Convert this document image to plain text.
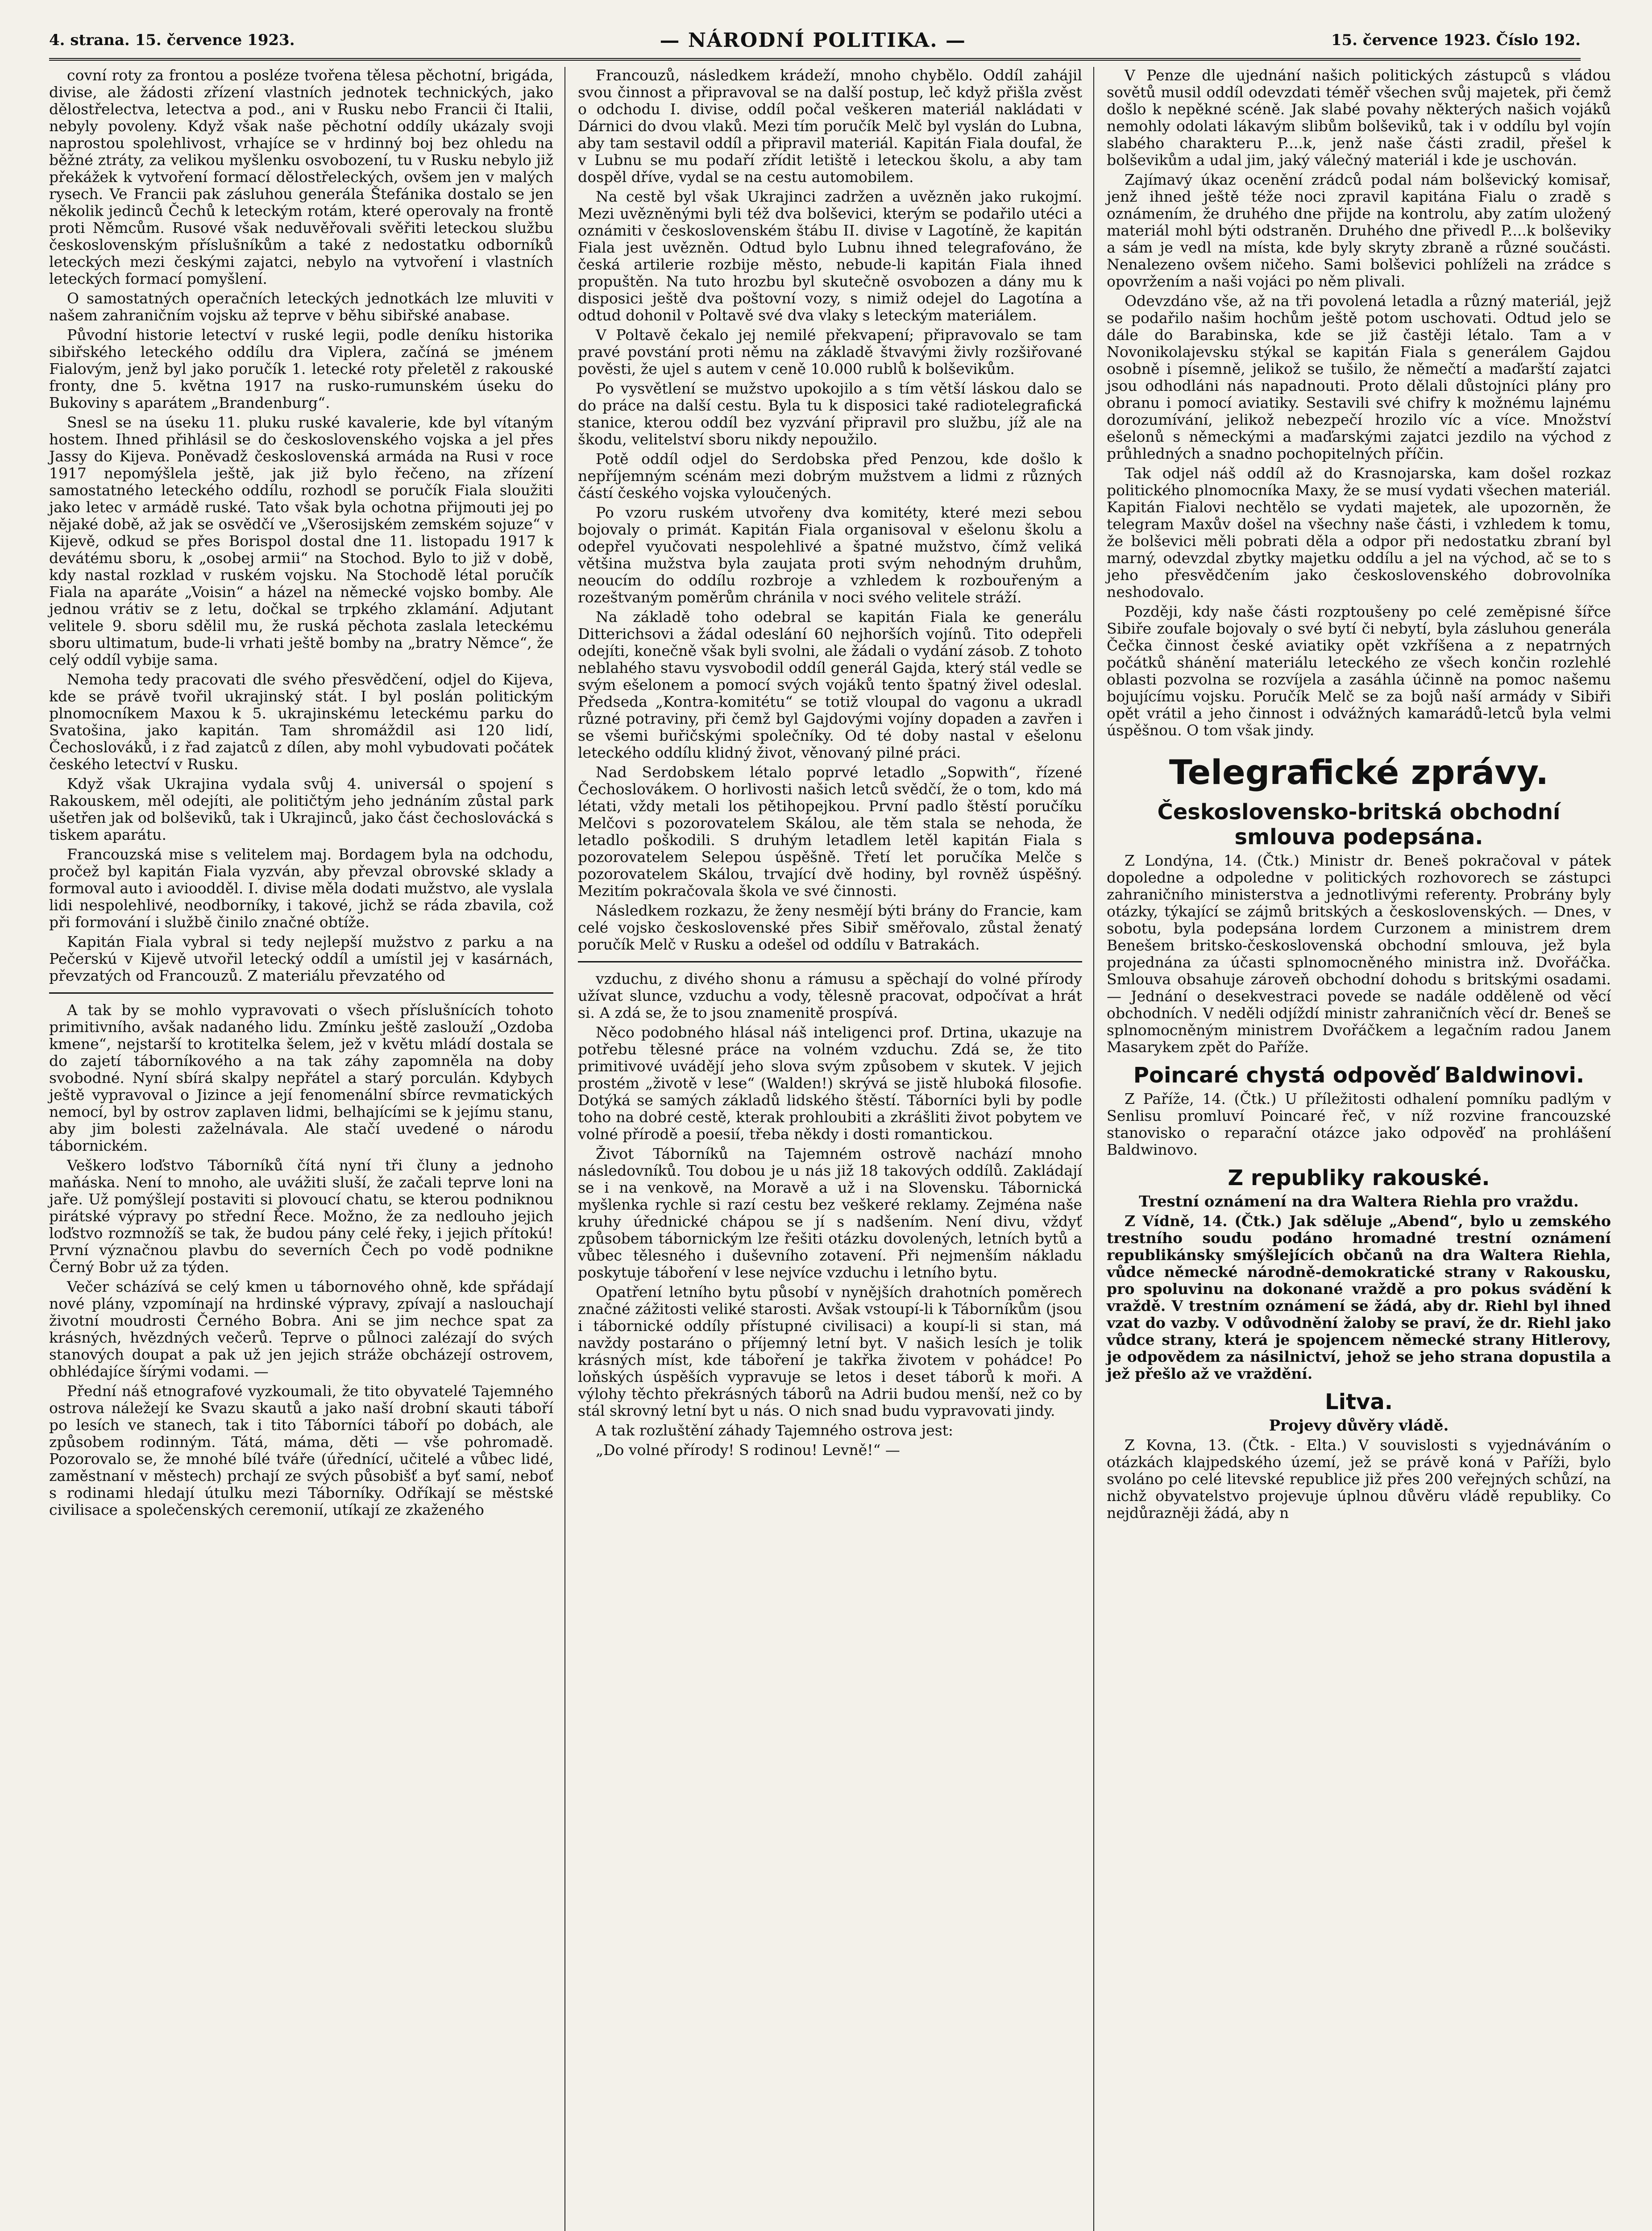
4. strana. 15. července 1923.	— NÁRODNÍ POLITIKA. —	15. července 1923. Číslo 192.

covní roty za frontou a posléze tvořena tělesa pěchotní, brigáda, divise, ale žádosti zřízení vlastních jednotek technických, jako dělostřelectva, letectva a pod., ani v Rusku nebo Francii či Italii, nebyly povoleny. Když však naše pěchotní oddíly ukázaly svoji naprostou spolehlivost, vrhajíce se v hrdinný boj bez ohledu na běžné ztráty, za velikou myšlenku osvobození, tu v Rusku nebylo již překážek k vytvoření formací dělostřeleckých, ovšem jen v malých rysech. Ve Francii pak zásluhou generála Štefánika dostalo se jen několik jedinců Čechů k leteckým rotám, které operovaly na frontě proti Němcům. Rusové však neduvěřovali svěřiti leteckou službu československým příslušníkům a také z nedostatku odborníků leteckých mezi českými zajatci, nebylo na vytvoření i vlastních leteckých formací pomyšlení.

O samostatných operačních leteckých jednotkách lze mluviti v našem zahraničním vojsku až teprve v běhu sibiřské anabase.

Původní historie letectví v ruské legii, podle deníku historika sibiřského leteckého oddílu dra Viplera, začíná se jménem Fialovým, jenž byl jako poručík 1. letecké roty přeletěl z rakouské fronty, dne 5. května 1917 na rusko-rumunském úseku do Bukoviny s aparátem „Brandenburg“.

Snesl se na úseku 11. pluku ruské kavalerie, kde byl vítaným hostem. Ihned přihlásil se do československého vojska a jel přes Jassy do Kijeva. Poněvadž československá armáda na Rusi v roce 1917 nepomýšlela ještě, jak již bylo řečeno, na zřízení samostatného leteckého oddílu, rozhodl se poručík Fiala sloužiti jako letec v armádě ruské. Tato však byla ochotna přijmouti jej po nějaké době, až jak se osvědčí ve „Všerosijském zemském sojuze“ v Kijevě, odkud se přes Borispol dostal dne 11. listopadu 1917 k devátému sboru, k „osobej armii“ na Stochod. Bylo to již v době, kdy nastal rozklad v ruském vojsku. Na Stochodě létal poručík Fiala na aparáte „Voisin“ a házel na německé vojsko bomby. Ale jednou vrátiv se z letu, dočkal se trpkého zklamání. Adjutant velitele 9. sboru sdělil mu, že ruská pěchota zaslala leteckému sboru ultimatum, bude-li vrhati ještě bomby na „bratry Němce“, že celý oddíl vybije sama.

Nemoha tedy pracovati dle svého přesvědčení, odjel do Kijeva, kde se právě tvořil ukrajinský stát. I byl poslán politickým plnomocníkem Maxou k 5. ukrajinskému leteckému parku do Svatošina, jako kapitán. Tam shromáždil asi 120 lidí, Čechoslováků, i z řad zajatců z dílen, aby mohl vybudovati počátek českého letectví v Rusku.

Když však Ukrajina vydala svůj 4. universál o spojení s Rakouskem, měl odejíti, ale političtým jeho jednáním zůstal park ušetřen jak od bolševiků, tak i Ukrajinců, jako část čechoslovácká s tiskem aparátu.

Francouzská mise s velitelem maj. Bordagem byla na odchodu, pročež byl kapitán Fiala vyzván, aby převzal obrovské sklady a formoval auto i avioodděl. I. divise měla dodati mužstvo, ale vyslala lidi nespolehlivé, neodborníky, i takové, jichž se ráda zbavila, což při formování i službě činilo značné obtíže.

Kapitán Fiala vybral si tedy nejlepší mužstvo z parku a na Pečerskú v Kijevě utvořil letecký oddíl a umístil jej v kasárnách, převzatých od Francouzů. Z materiálu převzatého od

A tak by se mohlo vypravovati o všech příslušnících tohoto primitivního, avšak nadaného lidu. Zmínku ještě zaslouží „Ozdoba kmene“, nejstarší to krotitelka šelem, jež v květu mládí dostala se do zajetí táborníkového a na tak záhy zapomněla na doby svobodné. Nyní sbírá skalpy nepřátel a starý porculán. Kdybych ještě vypravoval o Jizince a její fenomenální sbírce revmatických nemocí, byl by ostrov zaplaven lidmi, belhajícími se k jejímu stanu, aby jim bolesti zaželnávala. Ale stačí uvedené o národu tábornickém.

Veškero loďstvo Táborníků čítá nyní tři čluny a jednoho maňáska. Není to mnoho, ale uvážiti sluší, že začali teprve loni na jaře. Už pomýšlejí postaviti si plovoucí chatu, se kterou podniknou pirátské výpravy po střední Řece. Možno, že za nedlouho jejich loďstvo rozmnožíš se tak, že budou pány celé řeky, i jejich přítokú! První význačnou plavbu do severních Čech po vodě podnikne Černý Bobr už za týden.

Večer scházívá se celý kmen u tábornového ohně, kde spřádají nové plány, vzpomínají na hrdinské výpravy, zpívají a naslouchají životní moudrosti Černého Bobra. Ani se jim nechce spat za krásných, hvězdných večerů. Teprve o půlnoci zalézají do svých stanových doupat a pak už jen jejich stráže obcházejí ostrovem, obhlédajíce šírými vodami. —

Přední náš etnografové vyzkoumali, že tito obyvatelé Tajemného ostrova náležejí ke Svazu skautů a jako naší drobní skauti táboří po lesích ve stanech, tak i tito Táborníci táboří po dobách, ale způsobem rodinným. Tátá, máma, děti — vše pohromadě. Pozorovalo se, že mnohé bílé tváře (úřednící, učitelé a vůbec lidé, zaměstnaní v městech) prchají ze svých působišť a byť samí, neboť s rodinami hledají útulku mezi Táborníky. Odříkají se městské civilisace a společenských ceremonií, utíkají ze zkaženého

Francouzů, následkem krádeží, mnoho chybělo. Oddíl zahájil svou činnost a připravoval se na další postup, leč když přišla zvěst o odchodu I. divise, oddíl počal veškeren materiál nakládati v Dárnici do dvou vlaků. Mezi tím poručík Melč byl vyslán do Lubna, aby tam sestavil oddíl a připravil materiál. Kapitán Fiala doufal, že v Lubnu se mu podaří zřídit letiště i leteckou školu, a aby tam dospěl dříve, vydal se na cestu automobilem.

Na cestě byl však Ukrajinci zadržen a uvězněn jako rukojmí. Mezi uvězněnými byli též dva bolševici, kterým se podařilo utéci a oznámiti v československém štábu II. divise v Lagotíně, že kapitán Fiala jest uvězněn. Odtud bylo Lubnu ihned telegrafováno, že česká artilerie rozbije město, nebude-li kapitán Fiala ihned propuštěn. Na tuto hrozbu byl skutečně osvobozen a dány mu k disposici ještě dva poštovní vozy, s nimiž odejel do Lagotína a odtud dohonil v Poltavě své dva vlaky s leteckým materiálem.

V Poltavě čekalo jej nemilé překvapení; připravovalo se tam pravé povstání proti němu na základě štvavými živly rozšiřované pověsti, že ujel s autem v ceně 10.000 rublů k bolševikům.

Po vysvětlení se mužstvo upokojilo a s tím větší láskou dalo se do práce na další cestu. Byla tu k disposici také radiotelegrafická stanice, kterou oddíl bez vyzvání připravil pro službu, jíž ale na škodu, velitelství sboru nikdy nepoužilo.

Potě oddíl odjel do Serdobska před Penzou, kde došlo k nepříjemným scénám mezi dobrým mužstvem a lidmi z různých částí českého vojska vyloučených.

Po vzoru ruském utvořeny dva komitéty, které mezi sebou bojovaly o primát. Kapitán Fiala organisoval v ešelonu školu a odepřel vyučovati nespolehlivé a špatné mužstvo, čímž veliká většina mužstva byla zaujata proti svým nehodným druhům, neoucím do oddílu rozbroje a vzhledem k rozbouřeným a rozeštvaným poměrům chránila v noci svého velitele stráží.

Na základě toho odebral se kapitán Fiala ke generálu Ditterichsovi a žádal odeslání 60 nejhorších vojínů. Tito odepřeli odejíti, konečně však byli svolni, ale žádali o vydání zásob. Z tohoto neblahého stavu vysvobodil oddíl generál Gajda, který stál vedle se svým ešelonem a pomocí svých vojáků tento špatný živel odeslal. Předseda „Kontra-komitétu“ se totiž vloupal do vagonu a ukradl různé potraviny, při čemž byl Gajdovými vojíny dopaden a zavřen i se všemi buřičskými společníky. Od té doby nastal v ešelonu leteckého oddílu klidný život, věnovaný pilné práci.

Nad Serdobskem létalo poprvé letadlo „Sopwith“, řízené Čechoslovákem. O horlivosti našich letců svědčí, že o tom, kdo má létati, vždy metali los pětihopejkou. První padlo štěstí poručíku Melčovi s pozorovatelem Skálou, ale těm stala se nehoda, že letadlo poškodili. S druhým letadlem letěl kapitán Fiala s pozorovatelem Selepou úspěšně. Třetí let poručíka Melče s pozorovatelem Skálou, trvající dvě hodiny, byl rovněž úspěšný. Mezitím pokračovala škola ve své činnosti.

Následkem rozkazu, že ženy nesmějí býti brány do Francie, kam celé vojsko československé přes Sibiř směřovalo, zůstal ženatý poručík Melč v Rusku a odešel od oddílu v Batrakách.

vzduchu, z divého shonu a rámusu a spěchají do volné přírody užívat slunce, vzduchu a vody, tělesně pracovat, odpočívat a hrát si. A zdá se, že to jsou znamenitě prospívá.

Něco podobného hlásal náš inteligenci prof. Drtina, ukazuje na potřebu tělesné práce na volném vzduchu. Zdá se, že tito primitivové uvádějí jeho slova svým způsobem v skutek. V jejich prostém „životě v lese“ (Walden!) skrývá se jistě hluboká filosofie. Dotýká se samých základů lidského štěstí. Táborníci byli by podle toho na dobré cestě, kterak prohloubiti a zkrášliti život pobytem ve volné přírodě a poesií, třeba někdy i dosti romantickou.

Život Táborníků na Tajemném ostrově nachází mnoho následovníků. Tou dobou je u nás již 18 takových oddílů. Zakládají se i na venkově, na Moravě a už i na Slovensku. Tábornická myšlenka rychle si razí cestu bez veškeré reklamy. Zejména naše kruhy úřednické chápou se jí s nadšením. Není divu, vždyť způsobem tábornickým lze řešiti otázku dovolených, letních bytů a vůbec tělesného i duševního zotavení. Při nejmenším nákladu poskytuje táboření v lese nejvíce vzduchu i letního bytu.

Opatření letního bytu působí v nynějších drahotních poměrech značné zážitosti veliké starosti. Avšak vstoupí-li k Táborníkům (jsou i tábornické oddíly přístupné civilisaci) a koupí-li si stan, má navždy postaráno o příjemný letní byt. V našich lesích je tolik krásných míst, kde táboření je takřka životem v pohádce! Po loňských úspěších vypravuje se letos i deset táborů k moři. A výlohy těchto překrásných táborů na Adrii budou menší, než co by stál skrovný letní byt u nás. O nich snad budu vypravovati jindy.

A tak rozluštění záhady Tajemného ostrova jest:

„Do volné přírody! S rodinou! Levně!“ —

V Penze dle ujednání našich politických zástupců s vládou sovětů musil oddíl odevzdati téměř všechen svůj majetek, při čemž došlo k nepěkné scéně. Jak slabé povahy některých našich vojáků nemohly odolati lákavým slibům bolševiků, tak i v oddílu byl vojín slabého charakteru P....k, jenž naše části zradil, přešel k bolševikům a udal jim, jaký válečný materiál i kde je uschován.

Zajímavý úkaz ocenění zrádců podal nám bolševický komisař, jenž ihned ještě téže noci zpravil kapitána Fialu o zradě s oznámením, že druhého dne přijde na kontrolu, aby zatím uložený materiál mohl býti odstraněn. Druhého dne přivedl P....k bolševiky a sám je vedl na místa, kde byly skryty zbraně a různé součásti. Nenalezeno ovšem ničeho. Sami bolševici pohlíželi na zrádce s opovržením a naši vojáci po něm plivali.

Odevzdáno vše, až na tři povolená letadla a různý materiál, jejž se podařilo našim hochům ještě potom uschovati. Odtud jelo se dále do Barabinska, kde se již častěji létalo. Tam a v Novonikolajevsku stýkal se kapitán Fiala s generálem Gajdou osobně i písemně, jelikož se tušilo, že němečtí a maďarští zajatci jsou odhodláni nás napadnouti. Proto dělali důstojníci plány pro obranu i pomocí aviatiky. Sestavili své chifry k možnému lajnému dorozumívání, jelikož nebezpečí hrozilo víc a více. Množství ešelonů s německými a maďarskými zajatci jezdilo na východ z průhledných a snadno pochopitelných příčin.

Tak odjel náš oddíl až do Krasnojarska, kam došel rozkaz politického plnomocníka Maxy, že se musí vydati všechen materiál. Kapitán Fialovi nechtělo se vydati majetek, ale upozorněn, že telegram Maxův došel na všechny naše části, i vzhledem k tomu, že bolševici měli pobrati děla a odpor při nedostatku zbraní byl marný, odevzdal zbytky majetku oddílu a jel na východ, ač se to s jeho přesvědčením jako československého dobrovolníka neshodovalo.

Později, kdy naše části rozptoušeny po celé zeměpisné šířce Sibiře zoufale bojovaly o své bytí či nebytí, byla zásluhou generála Čečka činnost české aviatiky opět vzkříšena a z nepatrných počátků shánění materiálu leteckého ze všech končin rozlehlé oblasti pozvolna se rozvíjela a zasáhla účinně na pomoc našemu bojujícímu vojsku. Poručík Melč se za bojů naší armády v Sibiři opět vrátil a jeho činnost i odvážných kamarádů-letců byla velmi úspěšnou. O tom však jindy.

Telegrafické zprávy.
Československo-britská obchodní smlouva podepsána.

Z Londýna, 14. (Čtk.) Ministr dr. Beneš pokračoval v pátek dopoledne a odpoledne v politických rozhovorech se zástupci zahraničního ministerstva a jednotlivými referenty. Probrány byly otázky, týkající se zájmů britských a československých. — Dnes, v sobotu, byla podepsána lordem Curzonem a ministrem drem Benešem britsko-československá obchodní smlouva, jež byla projednána za účasti splnomocněného ministra inž. Dvořáčka. Smlouva obsahuje zároveň obchodní dohodu s britskými osadami. — Jednání o desekvestraci povede se nadále odděleně od věcí obchodních. V neděli odjíždí ministr zahraničních věcí dr. Beneš se splnomocněným ministrem Dvořáčkem a legačním radou Janem Masarykem zpět do Paříže.

Poincaré chystá odpověď Baldwinovi.

Z Paříže, 14. (Čtk.) U příležitosti odhalení pomníku padlým v Senlisu promluví Poincaré řeč, v níž rozvine francouzské stanovisko o reparační otázce jako odpověď na prohlášení Baldwinovo.

Z republiky rakouské.
Trestní oznámení na dra Waltera Riehla pro vraždu.

Z Vídně, 14. (Čtk.) Jak sděluje „Abend“, bylo u zemského trestního soudu podáno hromadné trestní oznámení republikánsky smýšlejících občanů na dra Waltera Riehla, vůdce německé národně-demokratické strany v Rakousku, pro spoluvinu na dokonané vraždě a pro pokus svádění k vraždě. V trestním oznámení se žádá, aby dr. Riehl byl ihned vzat do vazby. V odůvodnění žaloby se praví, že dr. Riehl jako vůdce strany, která je spojencem německé strany Hitlerovy, je odpovědem za násilnictví, jehož se jeho strana dopustila a jež přešlo až ve vraždění.

Litva.
Projevy důvěry vládě.

Z Kovna, 13. (Čtk. - Elta.) V souvislosti s vyjednáváním o otázkách klajpedského území, jež se právě koná v Paříži, bylo svoláno po celé litevské republice již přes 200 veřejných schůzí, na nichž obyvatelstvo projevuje úplnou důvěru vládě republiky. Co nejdůrazněji žádá, aby n
